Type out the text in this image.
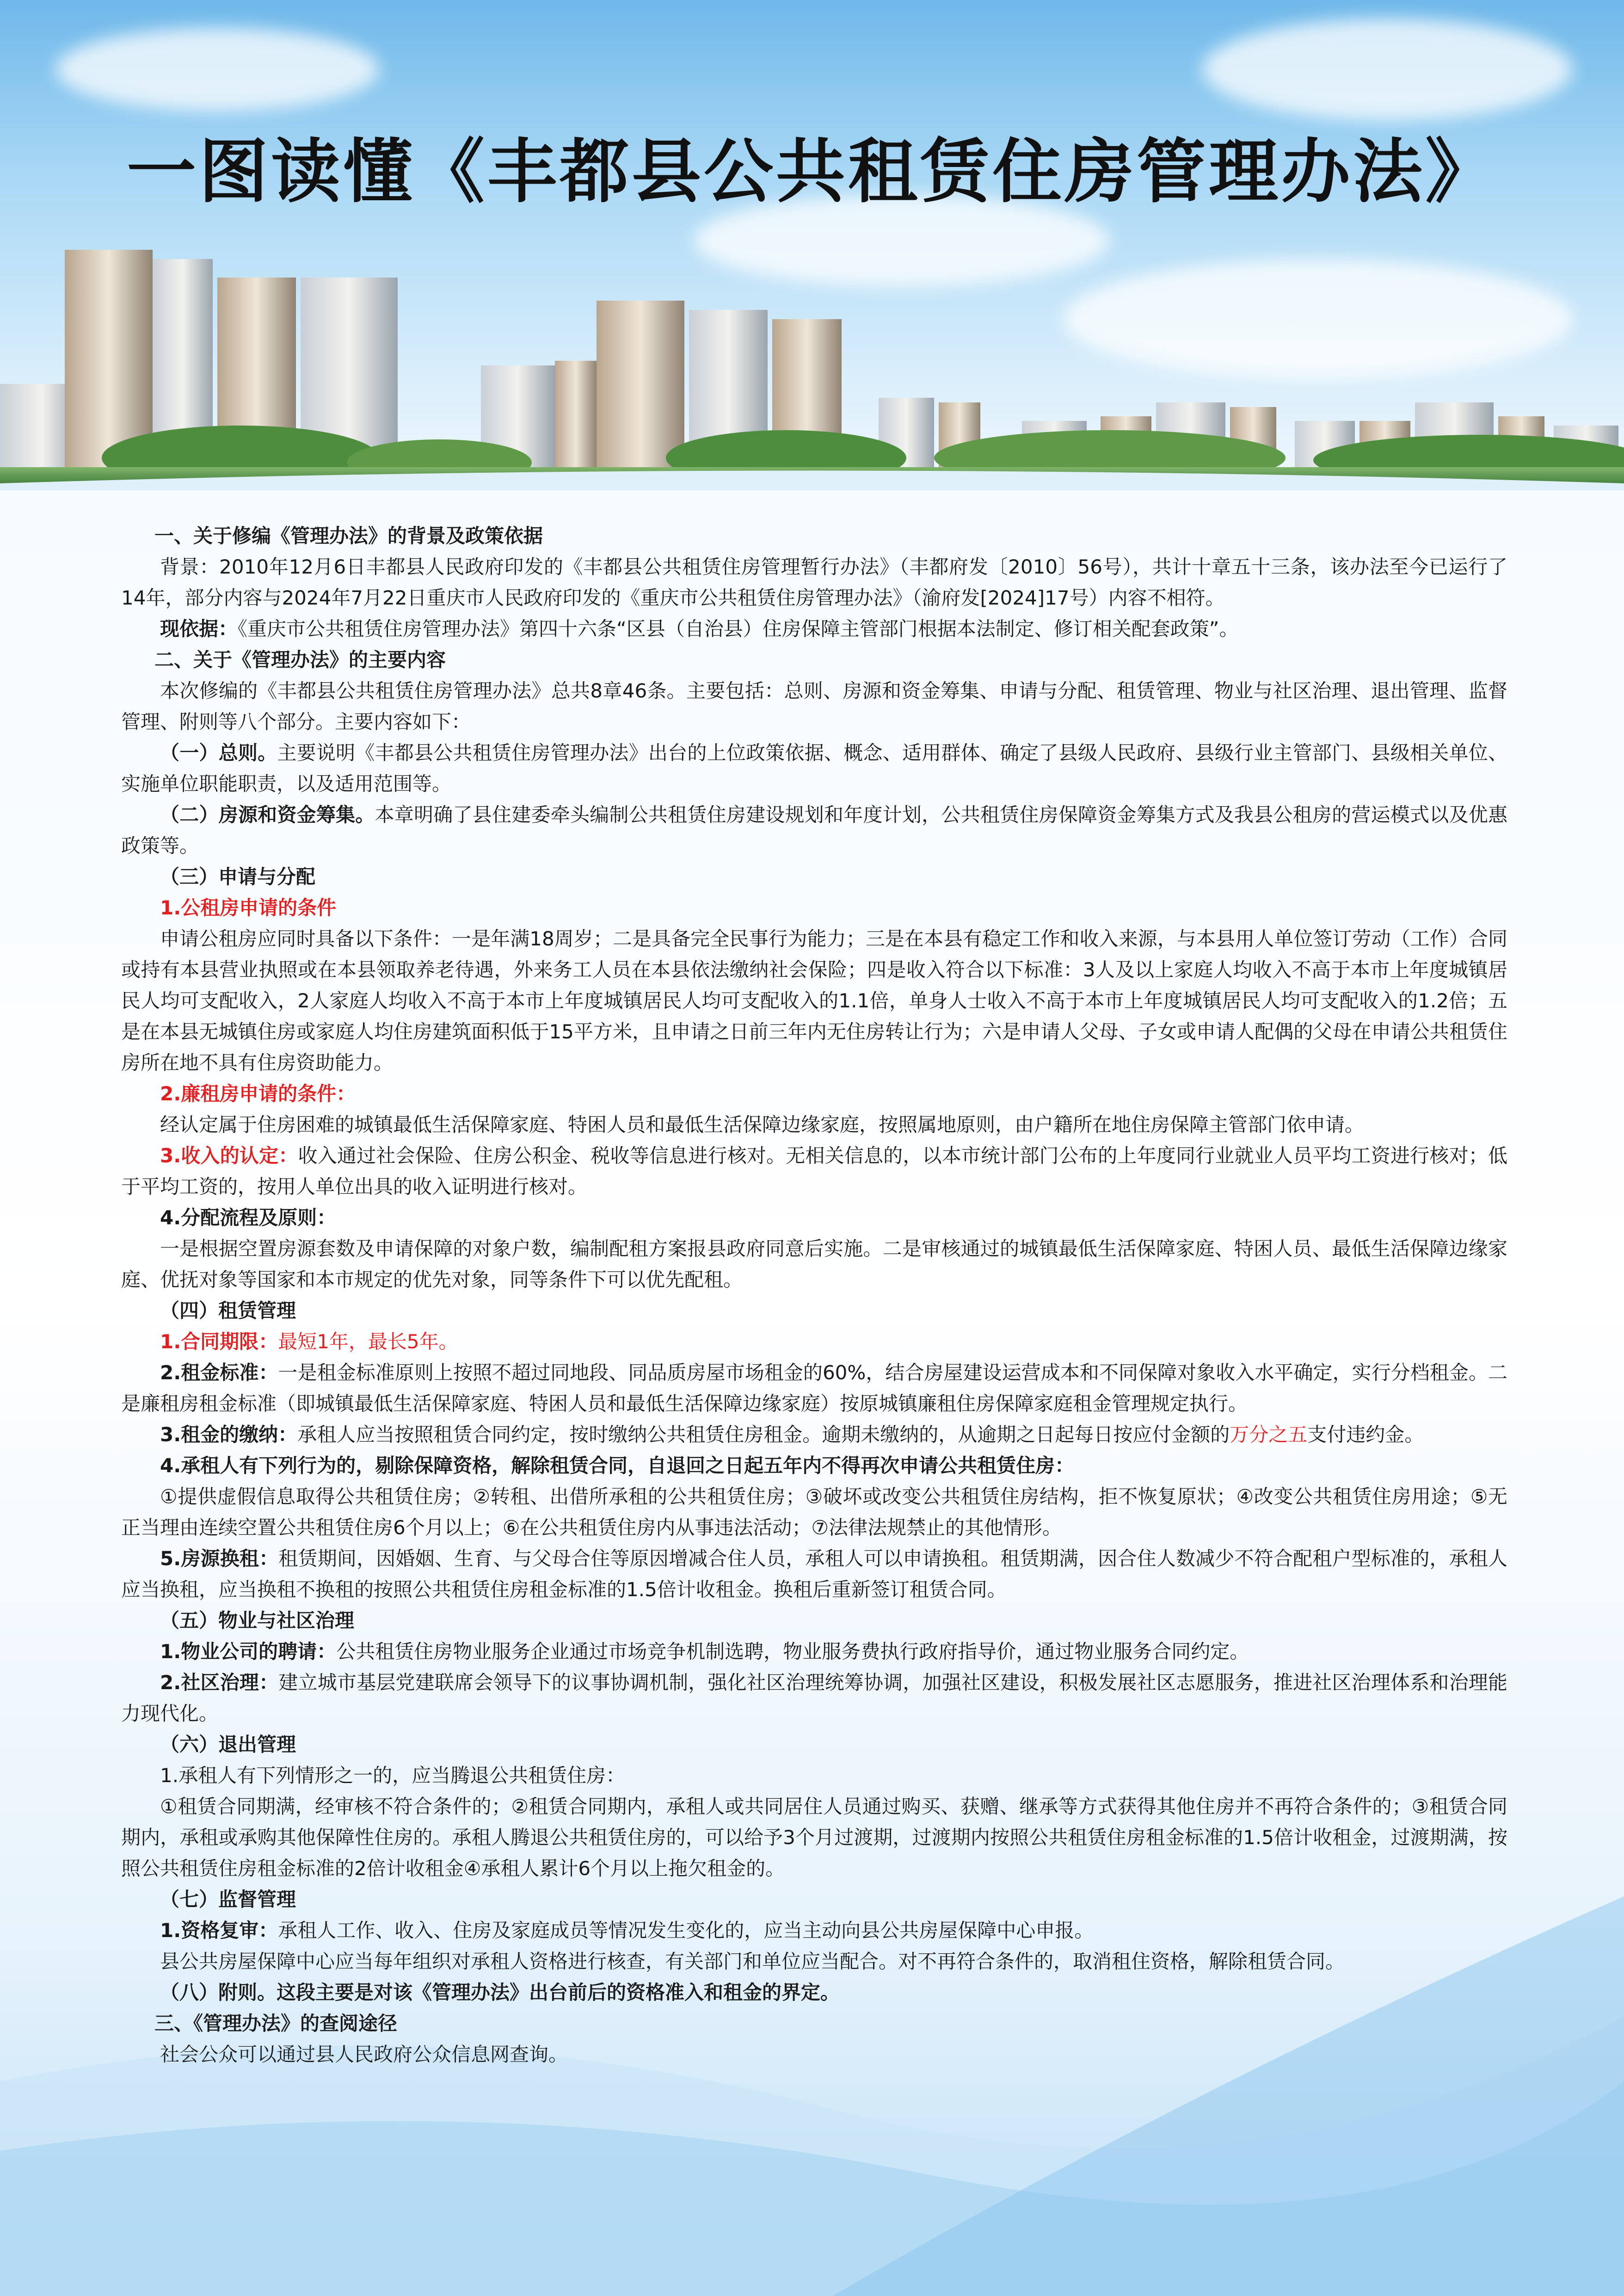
一图读懂《丰都县公共租赁住房管理办法》

一、关于修编《管理办法》的背景及政策依据

背景：2010年12月6日丰都县人民政府印发的《丰都县公共租赁住房管理暂行办法》（丰都府发〔2010〕56号），共计十章五十三条，该办法至今已运行了14年，部分内容与2024年7月22日重庆市人民政府印发的《重庆市公共租赁住房管理办法》（渝府发[2024]17号）内容不相符。

现依据：《重庆市公共租赁住房管理办法》第四十六条“区县（自治县）住房保障主管部门根据本法制定、修订相关配套政策”。

二、关于《管理办法》的主要内容

本次修编的《丰都县公共租赁住房管理办法》总共8章46条。主要包括：总则、房源和资金筹集、申请与分配、租赁管理、物业与社区治理、退出管理、监督管理、附则等八个部分。主要内容如下：

（一）总则。主要说明《丰都县公共租赁住房管理办法》出台的上位政策依据、概念、适用群体、确定了县级人民政府、县级行业主管部门、县级相关单位、实施单位职能职责，以及适用范围等。

（二）房源和资金筹集。本章明确了县住建委牵头编制公共租赁住房建设规划和年度计划，公共租赁住房保障资金筹集方式及我县公租房的营运模式以及优惠政策等。

（三）申请与分配

1.公租房申请的条件

申请公租房应同时具备以下条件：一是年满18周岁；二是具备完全民事行为能力；三是在本县有稳定工作和收入来源，与本县用人单位签订劳动（工作）合同或持有本县营业执照或在本县领取养老待遇，外来务工人员在本县依法缴纳社会保险；四是收入符合以下标准：3人及以上家庭人均收入不高于本市上年度城镇居民人均可支配收入，2人家庭人均收入不高于本市上年度城镇居民人均可支配收入的1.1倍，单身人士收入不高于本市上年度城镇居民人均可支配收入的1.2倍；五是在本县无城镇住房或家庭人均住房建筑面积低于15平方米，且申请之日前三年内无住房转让行为；六是申请人父母、子女或申请人配偶的父母在申请公共租赁住房所在地不具有住房资助能力。

2.廉租房申请的条件：

经认定属于住房困难的城镇最低生活保障家庭、特困人员和最低生活保障边缘家庭，按照属地原则，由户籍所在地住房保障主管部门依申请。

3.收入的认定：收入通过社会保险、住房公积金、税收等信息进行核对。无相关信息的，以本市统计部门公布的上年度同行业就业人员平均工资进行核对；低于平均工资的，按用人单位出具的收入证明进行核对。

4.分配流程及原则：

一是根据空置房源套数及申请保障的对象户数，编制配租方案报县政府同意后实施。二是审核通过的城镇最低生活保障家庭、特困人员、最低生活保障边缘家庭、优抚对象等国家和本市规定的优先对象，同等条件下可以优先配租。

（四）租赁管理

1.合同期限：最短1年，最长5年。

2.租金标准：一是租金标准原则上按照不超过同地段、同品质房屋市场租金的60%，结合房屋建设运营成本和不同保障对象收入水平确定，实行分档租金。二是廉租房租金标准（即城镇最低生活保障家庭、特困人员和最低生活保障边缘家庭）按原城镇廉租住房保障家庭租金管理规定执行。

3.租金的缴纳：承租人应当按照租赁合同约定，按时缴纳公共租赁住房租金。逾期未缴纳的，从逾期之日起每日按应付金额的万分之五支付违约金。

4.承租人有下列行为的，剔除保障资格，解除租赁合同，自退回之日起五年内不得再次申请公共租赁住房：

①提供虚假信息取得公共租赁住房；②转租、出借所承租的公共租赁住房；③破坏或改变公共租赁住房结构，拒不恢复原状；④改变公共租赁住房用途；⑤无正当理由连续空置公共租赁住房6个月以上；⑥在公共租赁住房内从事违法活动；⑦法律法规禁止的其他情形。

5.房源换租：租赁期间，因婚姻、生育、与父母合住等原因增减合住人员，承租人可以申请换租。租赁期满，因合住人数减少不符合配租户型标准的，承租人应当换租，应当换租不换租的按照公共租赁住房租金标准的1.5倍计收租金。换租后重新签订租赁合同。

（五）物业与社区治理

1.物业公司的聘请：公共租赁住房物业服务企业通过市场竞争机制选聘，物业服务费执行政府指导价，通过物业服务合同约定。

2.社区治理：建立城市基层党建联席会领导下的议事协调机制，强化社区治理统筹协调，加强社区建设，积极发展社区志愿服务，推进社区治理体系和治理能力现代化。

（六）退出管理

1.承租人有下列情形之一的，应当腾退公共租赁住房：

①租赁合同期满，经审核不符合条件的；②租赁合同期内，承租人或共同居住人员通过购买、获赠、继承等方式获得其他住房并不再符合条件的；③租赁合同期内，承租或承购其他保障性住房的。承租人腾退公共租赁住房的，可以给予3个月过渡期，过渡期内按照公共租赁住房租金标准的1.5倍计收租金，过渡期满，按照公共租赁住房租金标准的2倍计收租金④承租人累计6个月以上拖欠租金的。

（七）监督管理

1.资格复审：承租人工作、收入、住房及家庭成员等情况发生变化的，应当主动向县公共房屋保障中心申报。

县公共房屋保障中心应当每年组织对承租人资格进行核查，有关部门和单位应当配合。对不再符合条件的，取消租住资格，解除租赁合同。

（八）附则。这段主要是对该《管理办法》出台前后的资格准入和租金的界定。

三、《管理办法》的查阅途径

社会公众可以通过县人民政府公众信息网查询。
